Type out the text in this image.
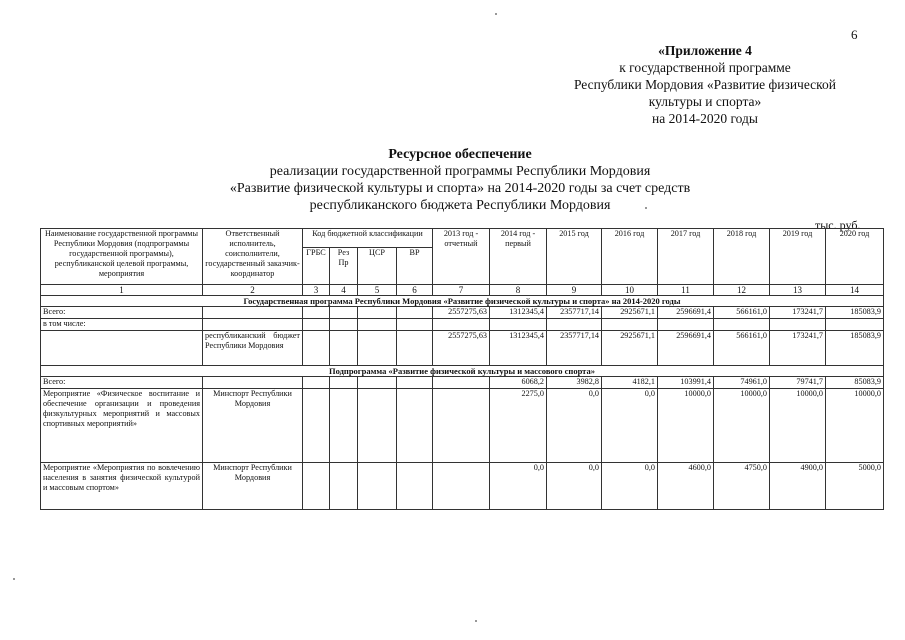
6
«Приложение 4
к государственной программе
Республики Мордовия «Развитие физической
культуры и спорта»
на 2014-2020 годы
Ресурсное обеспечение
реализации государственной программы Республики Мордовия
«Развитие физической культуры и спорта» на 2014-2020 годы за счет средств
республиканского бюджета Республики Мордовия
тыс. руб.
Наименование государственной программы Республики Мордовия (подпрограммы государственной программы), республиканской целевой программы, мероприятия	Ответственный исполнитель, соисполнители, государственный заказчик-координатор	Код бюджетной классификации				2013 год - отчетный	2014 год - первый	2015 год	2016 год	2017 год	2018 год	2019 год	2020 год
		ГРБС	Рез Пр	ЦСР	ВР								
1	2	3	4	5	6	7	8	9	10	11	12	13	14
Государственная программа Республики Мордовия «Развитие физической культуры и спорта» на 2014-2020 годы													
Всего:						2557275,63	1312345,4	2357717,14	2925671,1	2596691,4	566161,0	173241,7	185083,9
в том числе:													
	республиканский бюджет Республики Мордовия					2557275,63	1312345,4	2357717,14	2925671,1	2596691,4	566161,0	173241,7	185083,9
Подпрограмма «Развитие физической культуры и массового спорта»													
Всего:							6068,2	3982,8	4182,1	103991,4	74961,0	79741,7	85083,9
Мероприятие «Физическое воспитание и обеспечение организации и проведения физкультурных мероприятий и массовых спортивных мероприятий»	Минспорт Республики Мордовия						2275,0	0,0	0,0	10000,0	10000,0	10000,0	10000,0
Мероприятие «Мероприятия по вовлечению населения в занятия физической культурой и массовым спортом»	Минспорт Республики Мордовия						0,0	0,0	0,0	4600,0	4750,0	4900,0	5000,0
